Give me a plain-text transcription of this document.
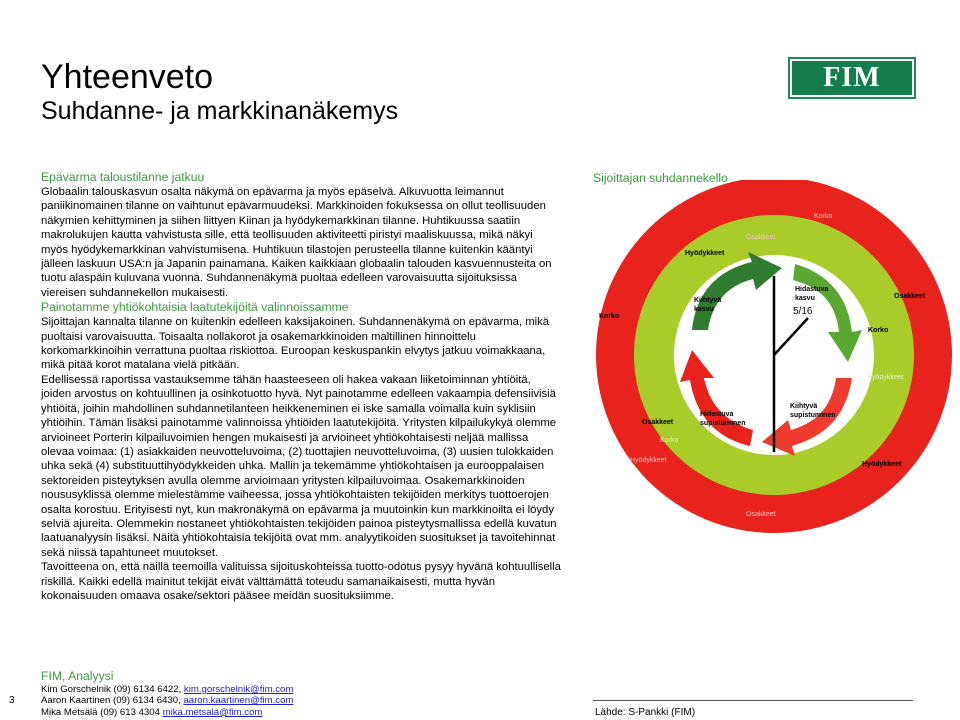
Yhteenveto
Suhdanne- ja markkinanäkemys
FIM

Epävarma taloustilanne jatkuu

Globaalin talouskasvun osalta näkymä on epävarma ja myös epäselvä. Alkuvuotta leimannut paniikinomainen tilanne on vaihtunut epävarmuudeksi. Markkinoiden fokuksessa on ollut teollisuuden näkymien kehittyminen ja siihen liittyen Kiinan ja hyödykemarkkinan tilanne. Huhtikuussa saatiin makrolukujen kautta vahvistusta sille, että teollisuuden aktiviteetti piristyi maaliskuussa, mikä näkyi myös hyödykemarkkinan vahvistumisena. Huhtikuun tilastojen perusteella tilanne kuitenkin kääntyi jälleen laskuun USA:n ja Japanin painamana. Kaiken kaikkiaan globaalin talouden kasvuennusteita on tuotu alaspäin kuluvana vuonna. Suhdannenäkymä puoltaa edelleen varovaisuutta sijoituksissa viereisen suhdannekellon mukaisesti.

Painotamme yhtiökohtaisia laatutekijöitä valinnoissamme

Sijoittajan kannalta tilanne on kuitenkin edelleen kaksijakoinen. Suhdannenäkymä on epävarma, mikä puoltaisi varovaisuutta. Toisaalta nollakorot ja osakemarkkinoiden maltillinen hinnoittelu korkomarkkinoihin verrattuna puoltaa riskiottoa. Euroopan keskuspankin elvytys jatkuu voimakkaana, mikä pitää korot matalana vielä pitkään.

Edellisessä raportissa vastauksemme tähän haasteeseen oli hakea vakaan liiketoiminnan yhtiöitä, joiden arvostus on kohtuullinen ja osinkotuotto hyvä. Nyt painotamme edelleen vakaampia defensiivisiä yhtiöitä, joihin mahdollinen suhdannetilanteen heikkeneminen ei iske samalla voimalla kuin syklisiin yhtiöihin. Tämän lisäksi painotamme valinnoissa yhtiöiden laatutekijöitä. Yritysten kilpailukykyä olemme arvioineet Porterin kilpailuvoimien hengen mukaisesti ja arvioineet yhtiökohtaisesti neljää mallissa olevaa voimaa: (1) asiakkaiden neuvotteluvoima, (2) tuottajien neuvotteluvoima, (3) uusien tulokkaiden uhka sekä (4) substituuttihyödykkeiden uhka. Mallin ja tekemämme yhtiökohtaisen ja eurooppalaisen sektoreiden pisteytyksen avulla olemme arvioimaan yritysten kilpailuvoimaa. Osakemarkkinoiden noususyklissä olemme mielestämme vaiheessa, jossa yhtiökohtaisten tekijöiden merkitys tuottoerojen osalta korostuu. Erityisesti nyt, kun makronäkymä on epävarma ja muutoinkin kun markkinoilta ei löydy selviä ajureita. Olemmekin nostaneet yhtiökohtaisten tekijöiden painoa pisteytysmallissa edellä kuvatun laatuanalyysin lisäksi. Näitä yhtiökohtaisia tekijöitä ovat mm. analyytikoiden suositukset ja tavoitehinnat sekä niissä tapahtuneet muutokset.

Tavoitteena on, että näillä teemoilla valituissa sijoituskohteissa tuotto-odotus pysyy hyvänä kohtuullisella riskillä. Kaikki edellä mainitut tekijät eivät välttämättä toteudu samanaikaisesti, mutta hyvän kokonaisuuden omaava osake/sektori pääsee meidän suosituksiimme.

Sijoittajan suhdannekello
5/16
Kiihtyvä kasvu
Hidastuva kasvu
Hidastuva supistuminen
Kiihtyvä supistuminen
Hyödykkeet
Korko
Osakkeet
Korko
Osakkeet
Korko
Osakkeet
Hyödykkeet
Hyödykkeet
Osakkeet
Hyödykkeet
Korko
3
FIM, Analyysi
Kim Gorschelnik (09) 6134 6422, kim.gorschelnik@fim.com
Aaron Kaartinen (09) 6134 6430, aaron.kaartinen@fim.com
Mika Metsälä (09) 613 4304 mika.metsala@fim.com	Lähde: S-Pankki (FIM)
